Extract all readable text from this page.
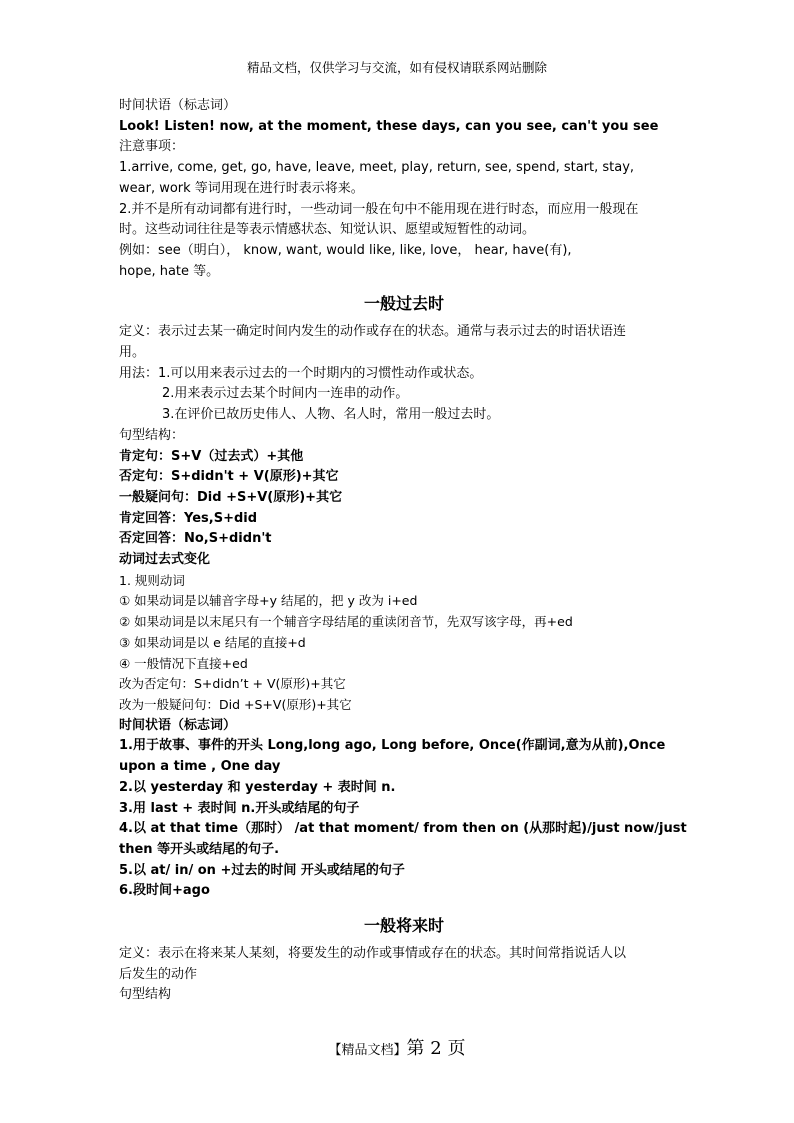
精品文档，仅供学习与交流，如有侵权请联系网站删除
时间状语（标志词）
Look! Listen! now, at the moment, these days, can you see, can't you see
注意事项：
1.arrive, come, get, go, have, leave, meet, play, return, see, spend, start, stay,
wear, work 等词用现在进行时表示将来。
2.并不是所有动词都有进行时，一些动词一般在句中不能用现在进行时态，而应用一般现在
时。这些动词往往是等表示情感状态、知觉认识、愿望或短暂性的动词。
例如：see（明白）， know, want, would like, like, love， hear, have(有),
hope, hate 等。
一般过去时
定义：表示过去某一确定时间内发生的动作或存在的状态。通常与表示过去的时语状语连
用。
用法：1.可以用来表示过去的一个时期内的习惯性动作或状态。
2.用来表示过去某个时间内一连串的动作。
3.在评价已故历史伟人、人物、名人时，常用一般过去时。
句型结构：
肯定句：S+V（过去式）+其他
否定句：S+didn't + V(原形)+其它
一般疑问句：Did +S+V(原形)+其它
肯定回答：Yes,S+did
否定回答：No,S+didn't
动词过去式变化
1. 规则动词
① 如果动词是以辅音字母+y 结尾的，把 y 改为 i+ed
② 如果动词是以末尾只有一个辅音字母结尾的重读闭音节，先双写该字母，再+ed
③ 如果动词是以 e 结尾的直接+d
④ 一般情况下直接+ed
改为否定句：S+didn’t + V(原形)+其它
改为一般疑问句：Did +S+V(原形)+其它
时间状语（标志词）
1.用于故事、事件的开头 Long,long ago, Long before, Once(作副词,意为从前),Once
upon a time , One day
2.以 yesterday 和 yesterday + 表时间 n.
3.用 last + 表时间 n.开头或结尾的句子
4.以 at that time（那时） /at that moment/ from then on (从那时起)/just now/just
then 等开头或结尾的句子.
5.以 at/ in/ on +过去的时间 开头或结尾的句子
6.段时间+ago
一般将来时
定义：表示在将来某人某刻，将要发生的动作或事情或存在的状态。其时间常指说话人以
后发生的动作
句型结构
【精品文档】第 2 页
